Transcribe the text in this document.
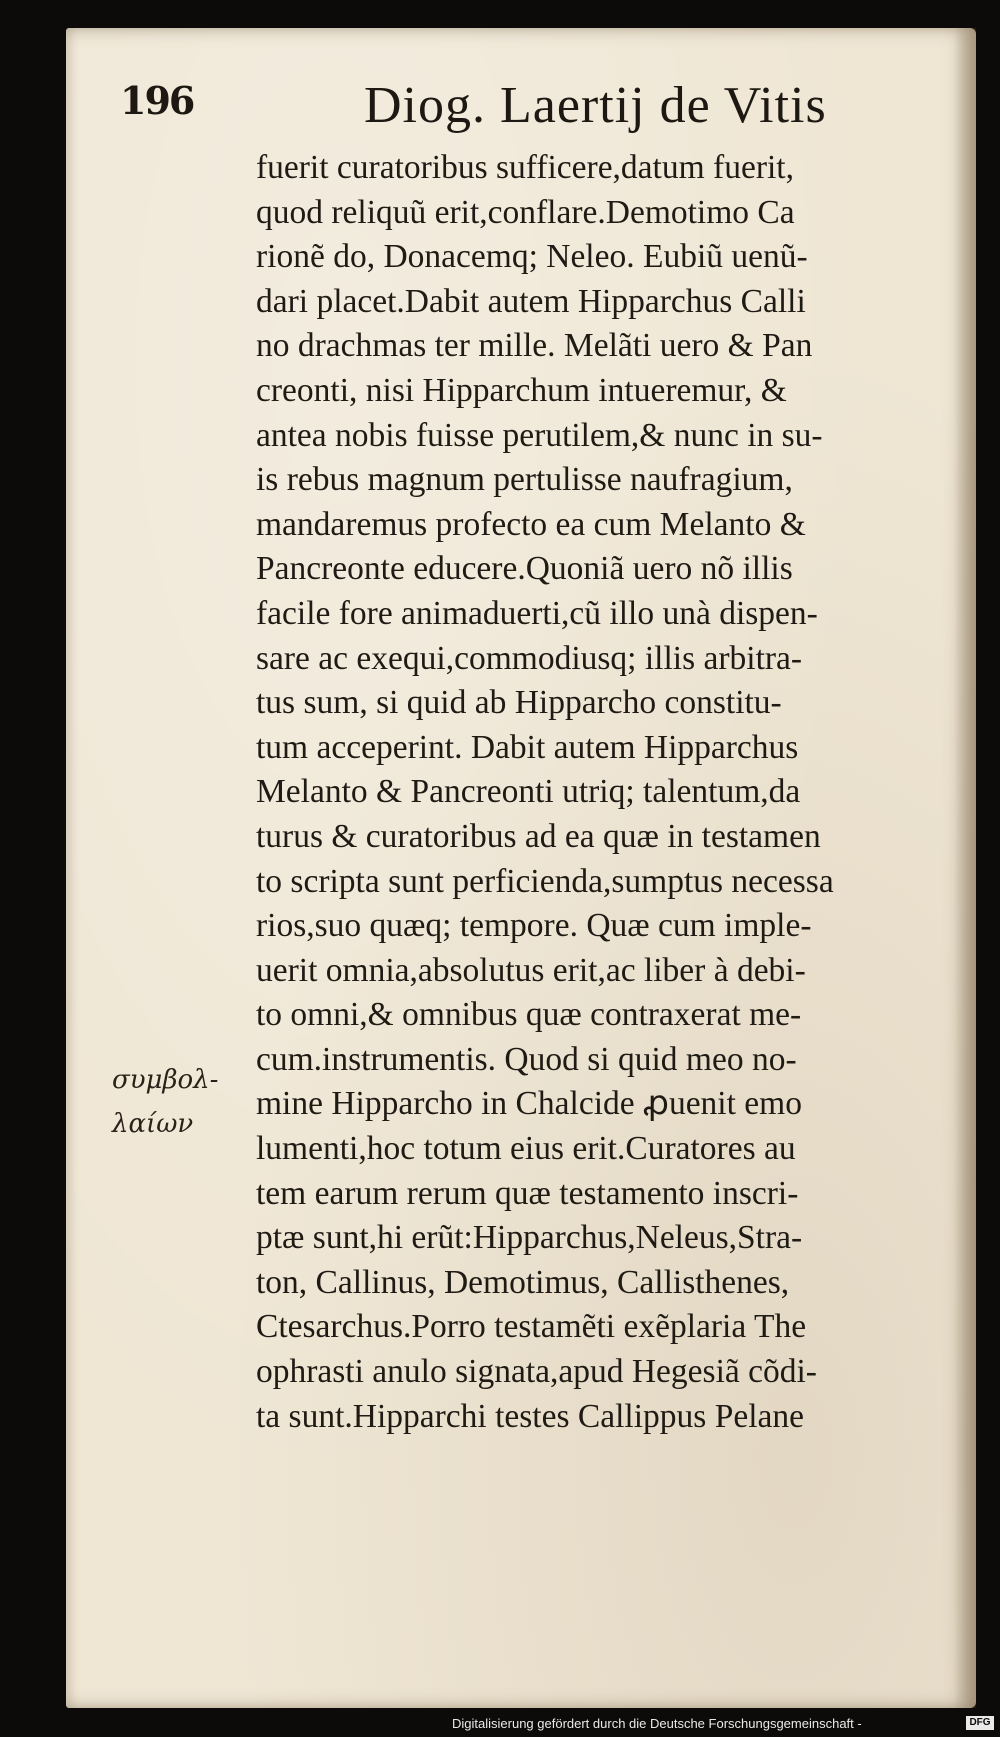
196	Diog. Laertij de Vitis
fuerit curatoribus sufficere,datum fuerit,
quod reliquũ erit,conflare.Demotimo Ca
rionẽ do, Donacemq; Neleo. Eubiũ uenũ-
dari placet.Dabit autem Hipparchus Calli
no drachmas ter mille. Melãti uero & Pan
creonti, nisi Hipparchum intueremur, &
antea nobis fuisse perutilem,& nunc in su-
is rebus magnum pertulisse naufragium,
mandaremus profecto ea cum Melanto &
Pancreonte educere.Quoniã uero nõ illis
facile fore animaduerti,cũ illo unà dispen-
sare ac exequi,commodiusq; illis arbitra-
tus sum, si quid ab Hipparcho constitu-
tum acceperint. Dabit autem Hipparchus
Melanto & Pancreonti utriq; talentum,da
turus & curatoribus ad ea quæ in testamen
to scripta sunt perficienda,sumptus necessa
rios,suo quæq; tempore. Quæ cum imple-
uerit omnia,absolutus erit,ac liber à debi-
to omni,& omnibus quæ contraxerat me-
cum.instrumentis. Quod si quid meo no-
mine Hipparcho in Chalcide ꝓuenit emo
lumenti,hoc totum eius erit.Curatores au
tem earum rerum quæ testamento inscri-
ptæ sunt,hi erũt:Hipparchus,Neleus,Stra-
ton, Callinus, Demotimus, Callisthenes,
Ctesarchus.Porro testamẽti exẽplaria The
ophrasti anulo signata,apud Hegesiã cõdi-
ta sunt.Hipparchi testes Callippus Pelane
συμβολ-
λαίων
Digitalisierung gefördert durch die Deutsche Forschungsgemeinschaft -	DFG
